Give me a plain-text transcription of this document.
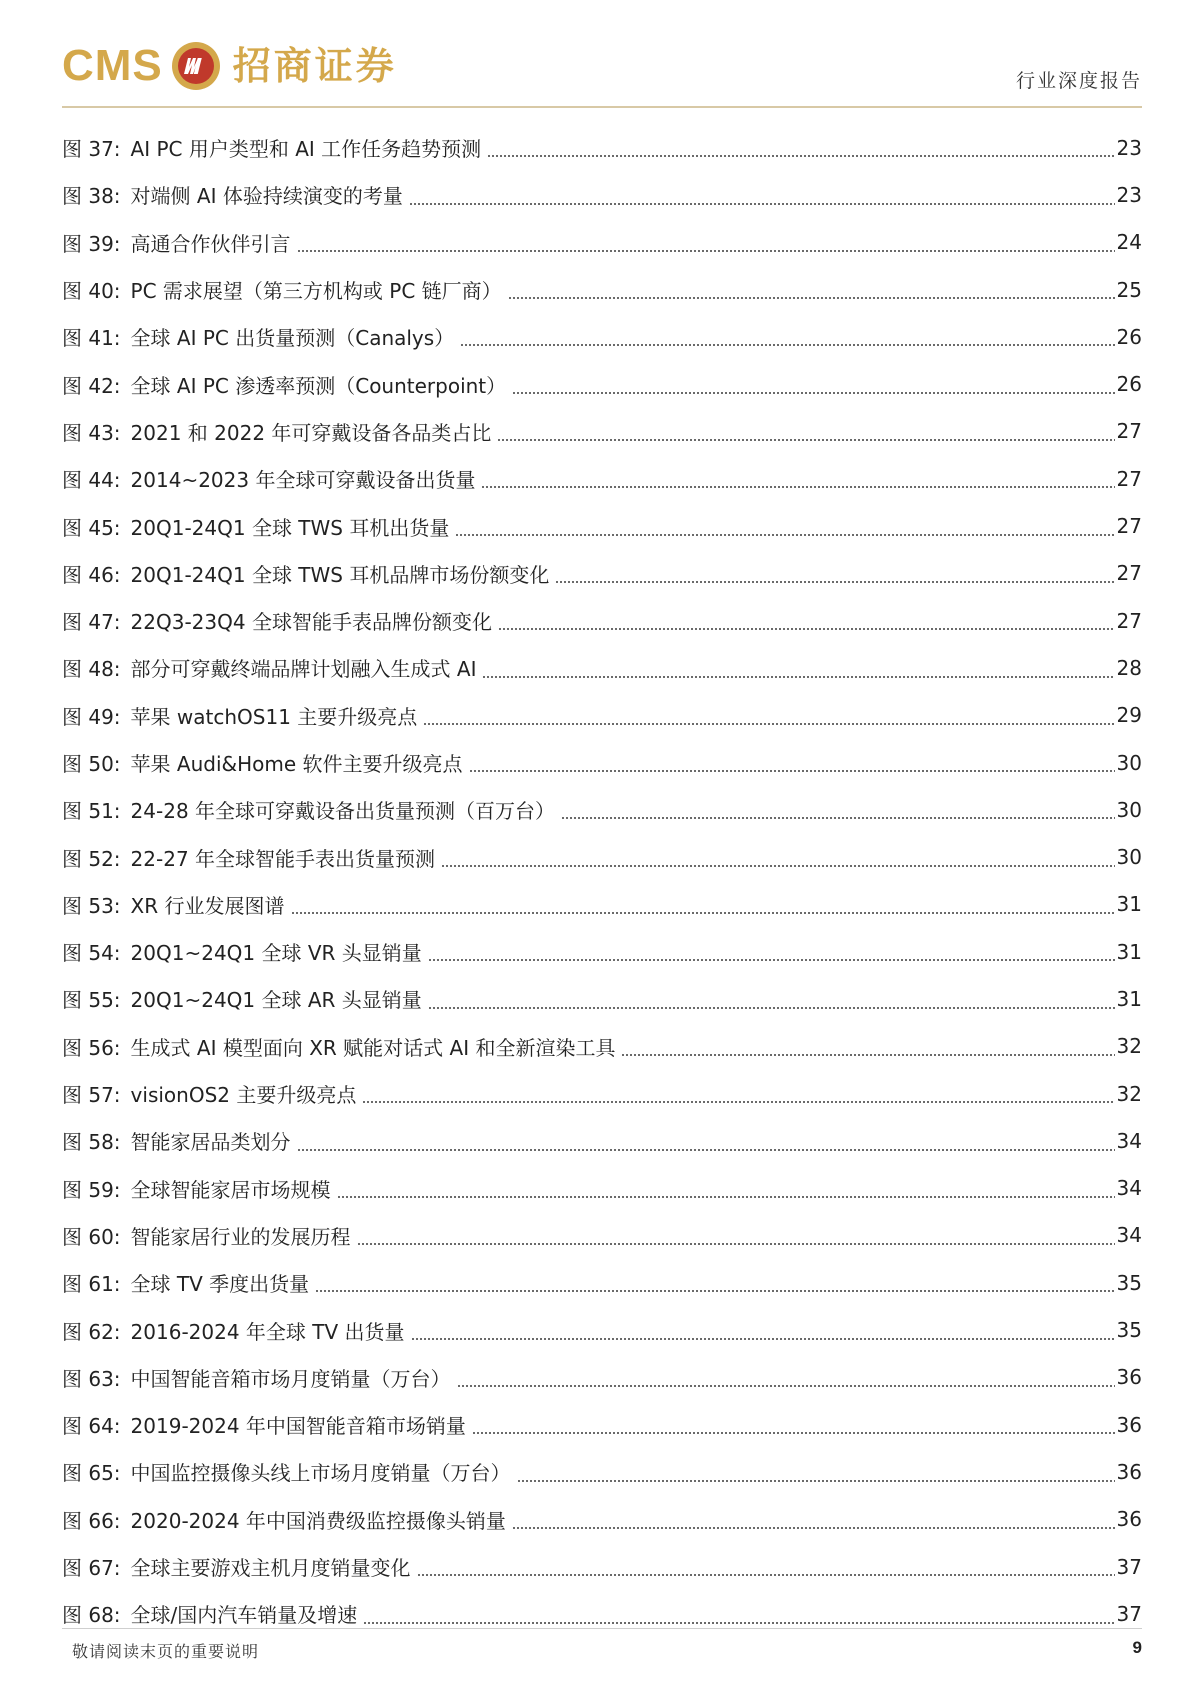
CMS 招商证券	行业深度报告
图 37: AI PC 用户类型和 AI 工作任务趋势预测	23
图 38: 对端侧 AI 体验持续演变的考量	23
图 39: 高通合作伙伴引言	24
图 40: PC 需求展望（第三方机构或 PC 链厂商）	25
图 41: 全球 AI PC 出货量预测（Canalys）	26
图 42: 全球 AI PC 渗透率预测（Counterpoint）	26
图 43: 2021 和 2022 年可穿戴设备各品类占比	27
图 44: 2014~2023 年全球可穿戴设备出货量	27
图 45: 20Q1-24Q1 全球 TWS 耳机出货量	27
图 46: 20Q1-24Q1 全球 TWS 耳机品牌市场份额变化	27
图 47: 22Q3-23Q4 全球智能手表品牌份额变化	27
图 48: 部分可穿戴终端品牌计划融入生成式 AI	28
图 49: 苹果 watchOS11 主要升级亮点	29
图 50: 苹果 Audi&Home 软件主要升级亮点	30
图 51: 24-28 年全球可穿戴设备出货量预测（百万台）	30
图 52: 22-27 年全球智能手表出货量预测	30
图 53: XR 行业发展图谱	31
图 54: 20Q1~24Q1 全球 VR 头显销量	31
图 55: 20Q1~24Q1 全球 AR 头显销量	31
图 56: 生成式 AI 模型面向 XR 赋能对话式 AI 和全新渲染工具	32
图 57: visionOS2 主要升级亮点	32
图 58: 智能家居品类划分	34
图 59: 全球智能家居市场规模	34
图 60: 智能家居行业的发展历程	34
图 61: 全球 TV 季度出货量	35
图 62: 2016-2024 年全球 TV 出货量	35
图 63: 中国智能音箱市场月度销量（万台）	36
图 64: 2019-2024 年中国智能音箱市场销量	36
图 65: 中国监控摄像头线上市场月度销量（万台）	36
图 66: 2020-2024 年中国消费级监控摄像头销量	36
图 67: 全球主要游戏主机月度销量变化	37
图 68: 全球/国内汽车销量及增速	37
敬请阅读末页的重要说明	9
